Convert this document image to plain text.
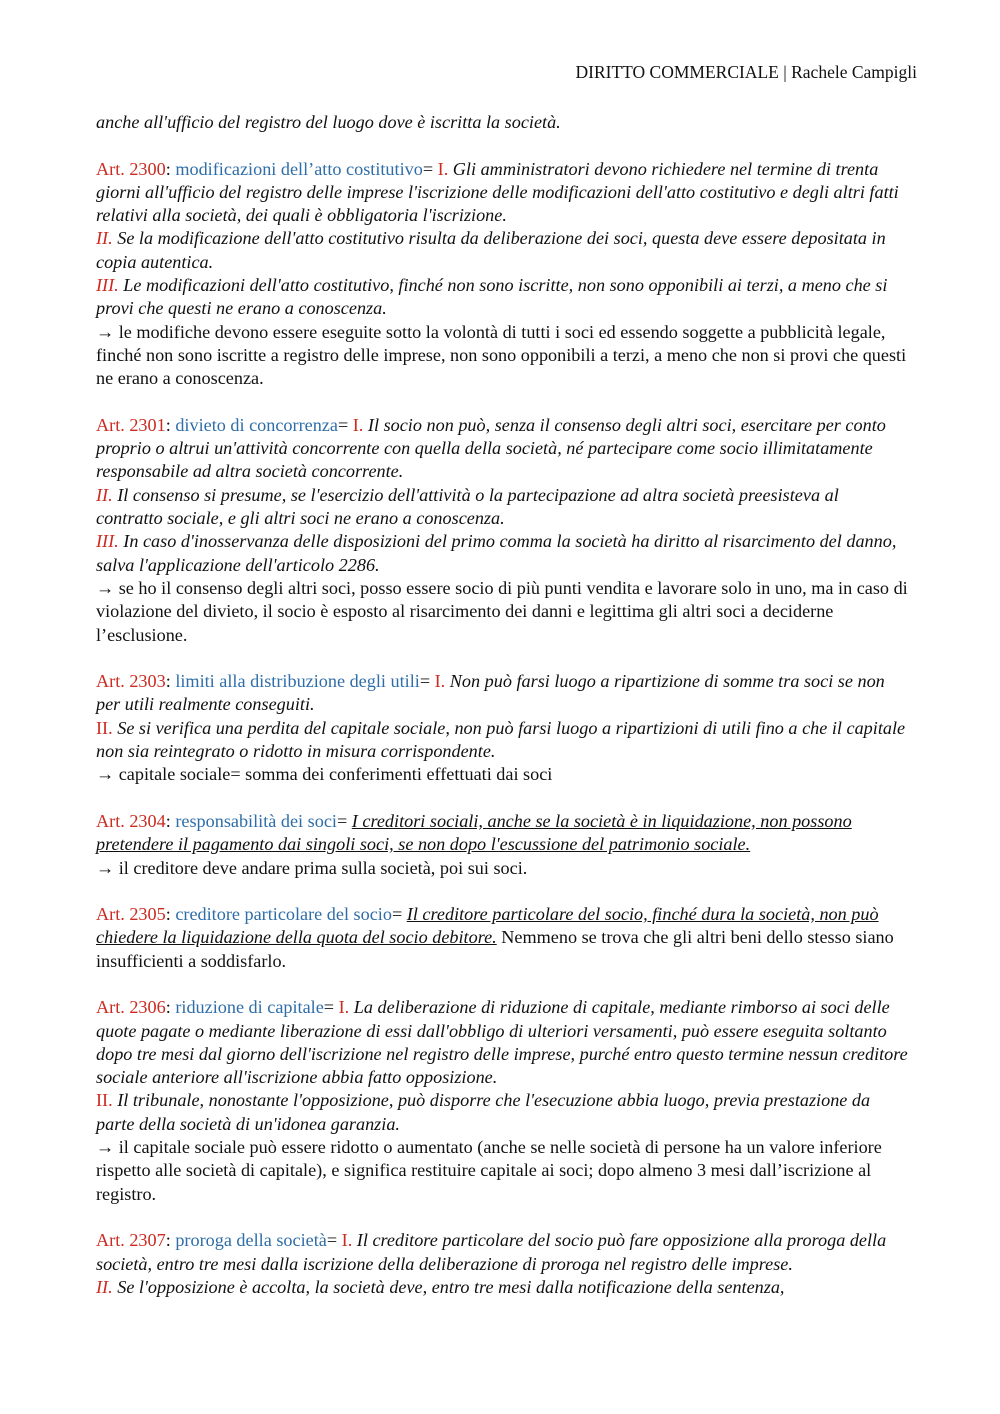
DIRITTO COMMERCIALE | Rachele Campigli

anche all'ufficio del registro del luogo dove è iscritta la società.

Art. 2300: modificazioni dell’atto costitutivo= I. Gli amministratori devono richiedere nel termine di trenta giorni all'ufficio del registro delle imprese l'iscrizione delle modificazioni dell'atto costitutivo e degli altri fatti relativi alla società, dei quali è obbligatoria l'iscrizione.

II. Se la modificazione dell'atto costitutivo risulta da deliberazione dei soci, questa deve essere depositata in copia autentica.

III. Le modificazioni dell'atto costitutivo, finché non sono iscritte, non sono opponibili ai terzi, a meno che si provi che questi ne erano a conoscenza.

→ le modifiche devono essere eseguite sotto la volontà di tutti i soci ed essendo soggette a pubblicità legale, finché non sono iscritte a registro delle imprese, non sono opponibili a terzi, a meno che non si provi che questi ne erano a conoscenza.

Art. 2301: divieto di concorrenza= I. Il socio non può, senza il consenso degli altri soci, esercitare per conto proprio o altrui un'attività concorrente con quella della società, né partecipare come socio illimitatamente responsabile ad altra società concorrente.

II. Il consenso si presume, se l'esercizio dell'attività o la partecipazione ad altra società preesisteva al contratto sociale, e gli altri soci ne erano a conoscenza.

III. In caso d'inosservanza delle disposizioni del primo comma la società ha diritto al risarcimento del danno, salva l'applicazione dell'articolo 2286.

→ se ho il consenso degli altri soci, posso essere socio di più punti vendita e lavorare solo in uno, ma in caso di violazione del divieto, il socio è esposto al risarcimento dei danni e legittima gli altri soci a deciderne l’esclusione.

Art. 2303: limiti alla distribuzione degli utili= I. Non può farsi luogo a ripartizione di somme tra soci se non per utili realmente conseguiti.

II. Se si verifica una perdita del capitale sociale, non può farsi luogo a ripartizioni di utili fino a che il capitale non sia reintegrato o ridotto in misura corrispondente.

→ capitale sociale= somma dei conferimenti effettuati dai soci

Art. 2304: responsabilità dei soci= I creditori sociali, anche se la società è in liquidazione, non possono pretendere il pagamento dai singoli soci, se non dopo l'escussione del patrimonio sociale.

→ il creditore deve andare prima sulla società, poi sui soci.

Art. 2305: creditore particolare del socio= Il creditore particolare del socio, finché dura la società, non può chiedere la liquidazione della quota del socio debitore. Nemmeno se trova che gli altri beni dello stesso siano insufficienti a soddisfarlo.

Art. 2306: riduzione di capitale= I. La deliberazione di riduzione di capitale, mediante rimborso ai soci delle quote pagate o mediante liberazione di essi dall'obbligo di ulteriori versamenti, può essere eseguita soltanto dopo tre mesi dal giorno dell'iscrizione nel registro delle imprese, purché entro questo termine nessun creditore sociale anteriore all'iscrizione abbia fatto opposizione.

II. Il tribunale, nonostante l'opposizione, può disporre che l'esecuzione abbia luogo, previa prestazione da parte della società di un'idonea garanzia.

→ il capitale sociale può essere ridotto o aumentato (anche se nelle società di persone ha un valore inferiore rispetto alle società di capitale), e significa restituire capitale ai soci; dopo almeno 3 mesi dall’iscrizione al registro.

Art. 2307: proroga della società= I. Il creditore particolare del socio può fare opposizione alla proroga della società, entro tre mesi dalla iscrizione della deliberazione di proroga nel registro delle imprese.

II. Se l'opposizione è accolta, la società deve, entro tre mesi dalla notificazione della sentenza,
